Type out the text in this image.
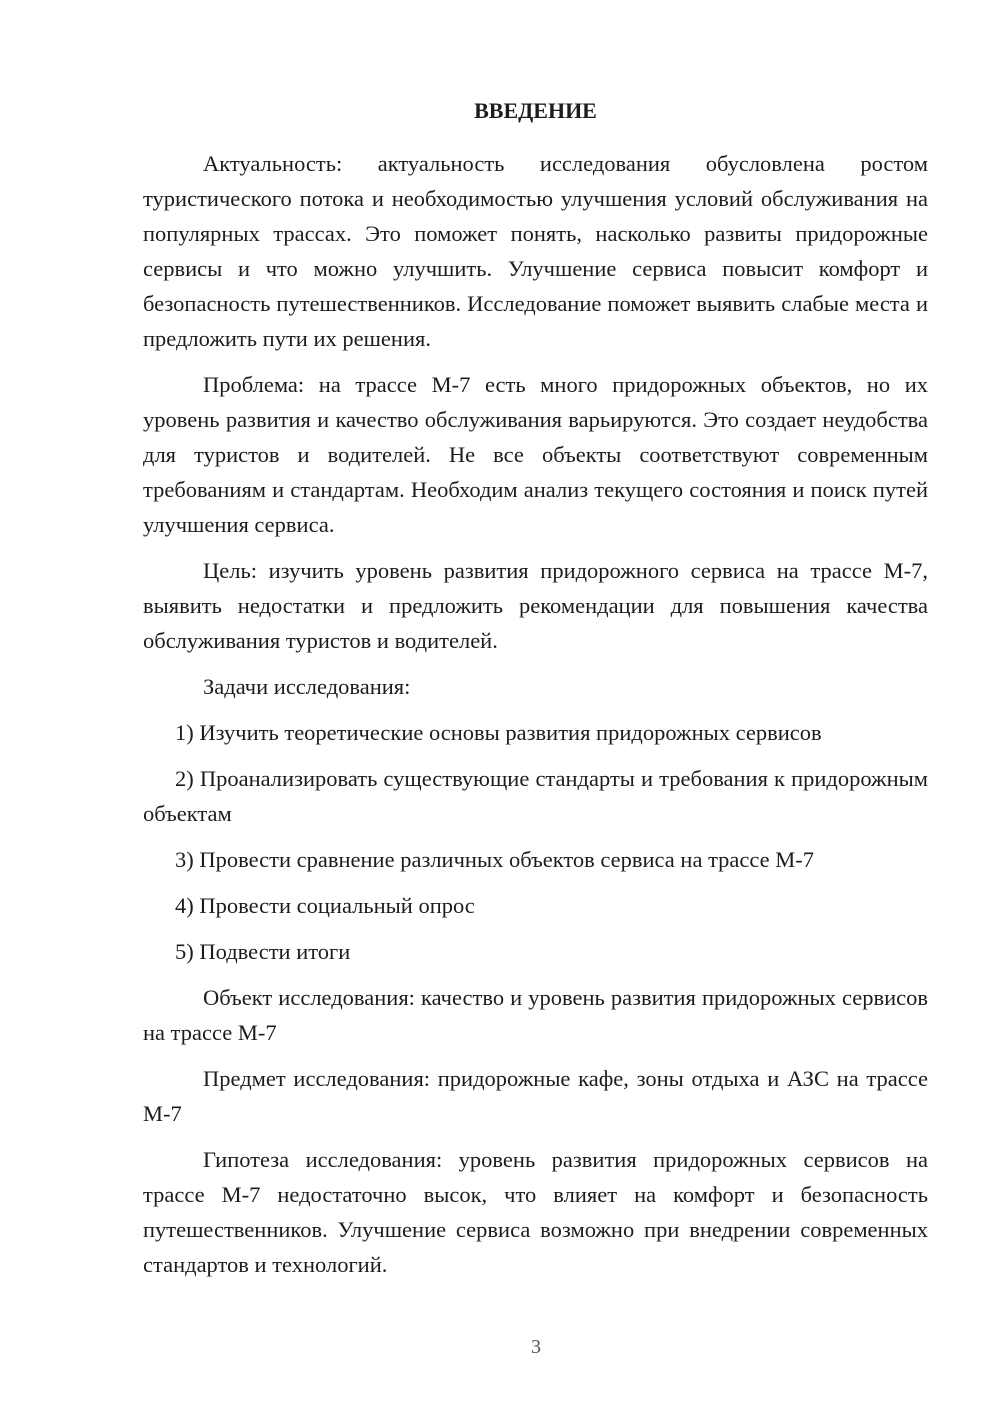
ВВЕДЕНИЕ

Актуальность: актуальность исследования обусловлена ростом туристического потока и необходимостью улучшения условий обслуживания на популярных трассах. Это поможет понять, насколько развиты придорожные сервисы и что можно улучшить. Улучшение сервиса повысит комфорт и безопасность путешественников. Исследование поможет выявить слабые места и предложить пути их решения.

Проблема: на трассе М-7 есть много придорожных объектов, но их уровень развития и качество обслуживания варьируются. Это создает неудобства для туристов и водителей. Не все объекты соответствуют современным требованиям и стандартам. Необходим анализ текущего состояния и поиск путей улучшения сервиса.

Цель: изучить уровень развития придорожного сервиса на трассе М-7, выявить недостатки и предложить рекомендации для повышения качества обслуживания туристов и водителей.

Задачи исследования:

1) Изучить теоретические основы развития придорожных сервисов

2) Проанализировать существующие стандарты и требования к придорожным объектам

3) Провести сравнение различных объектов сервиса на трассе М-7

4) Провести социальный опрос

5) Подвести итоги

Объект исследования: качество и уровень развития придорожных сервисов на трассе М-7

Предмет исследования: придорожные кафе, зоны отдыха и АЗС на трассе М-7

Гипотеза исследования: уровень развития придорожных сервисов на трассе М-7 недостаточно высок, что влияет на комфорт и безопасность путешественников. Улучшение сервиса возможно при внедрении современных стандартов и технологий.

3
